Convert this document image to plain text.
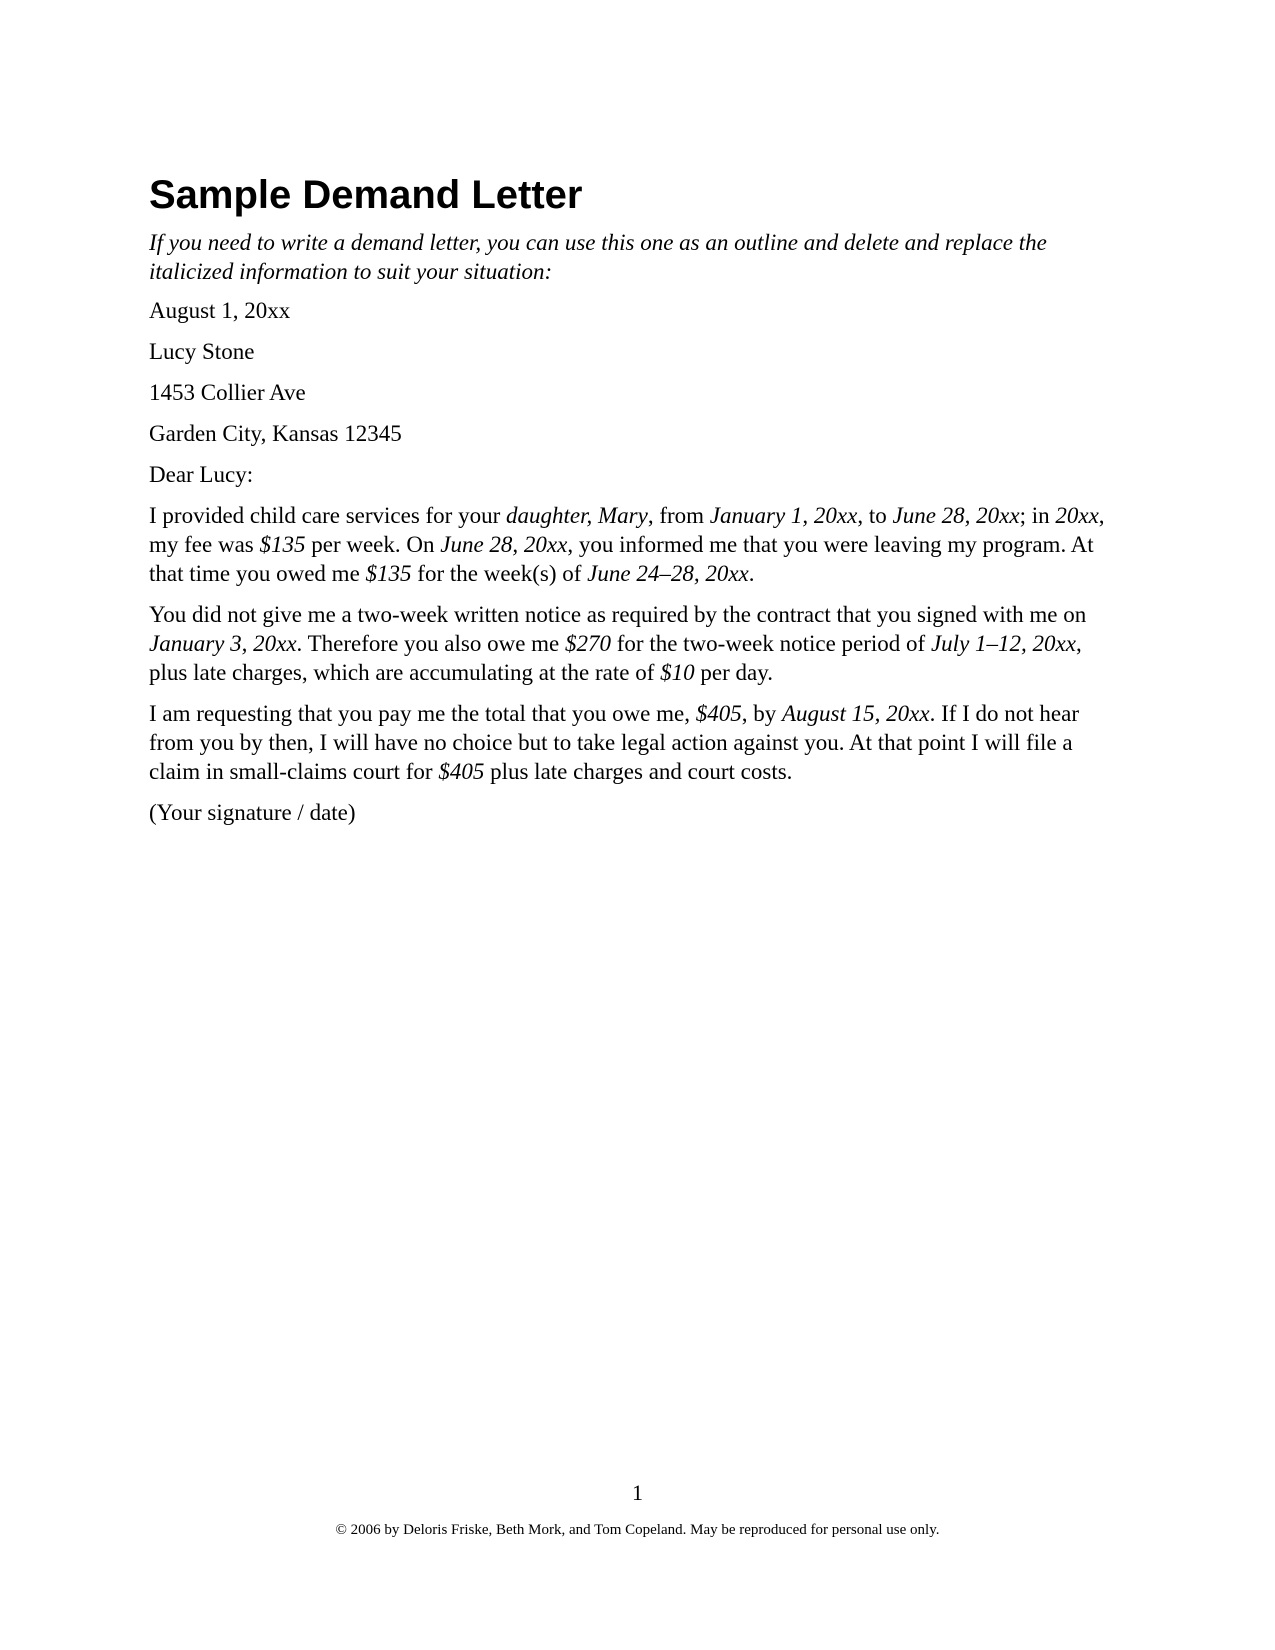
Sample Demand Letter

If you need to write a demand letter, you can use this one as an outline and delete and replace the italicized information to suit your situation:

August 1, 20xx

Lucy Stone

1453 Collier Ave

Garden City, Kansas 12345

Dear Lucy:

I provided child care services for your daughter, Mary, from January 1, 20xx, to June 28, 20xx; in 20xx, my fee was $135 per week. On June 28, 20xx, you informed me that you were leaving my program. At that time you owed me $135 for the week(s) of June 24–28, 20xx.

You did not give me a two-week written notice as required by the contract that you signed with me on January 3, 20xx. Therefore you also owe me $270 for the two-week notice period of July 1–12, 20xx, plus late charges, which are accumulating at the rate of $10 per day.

I am requesting that you pay me the total that you owe me, $405, by August 15, 20xx. If I do not hear from you by then, I will have no choice but to take legal action against you. At that point I will file a claim in small-claims court for $405 plus late charges and court costs.

(Your signature / date)

1
© 2006 by Deloris Friske, Beth Mork, and Tom Copeland. May be reproduced for personal use only.
